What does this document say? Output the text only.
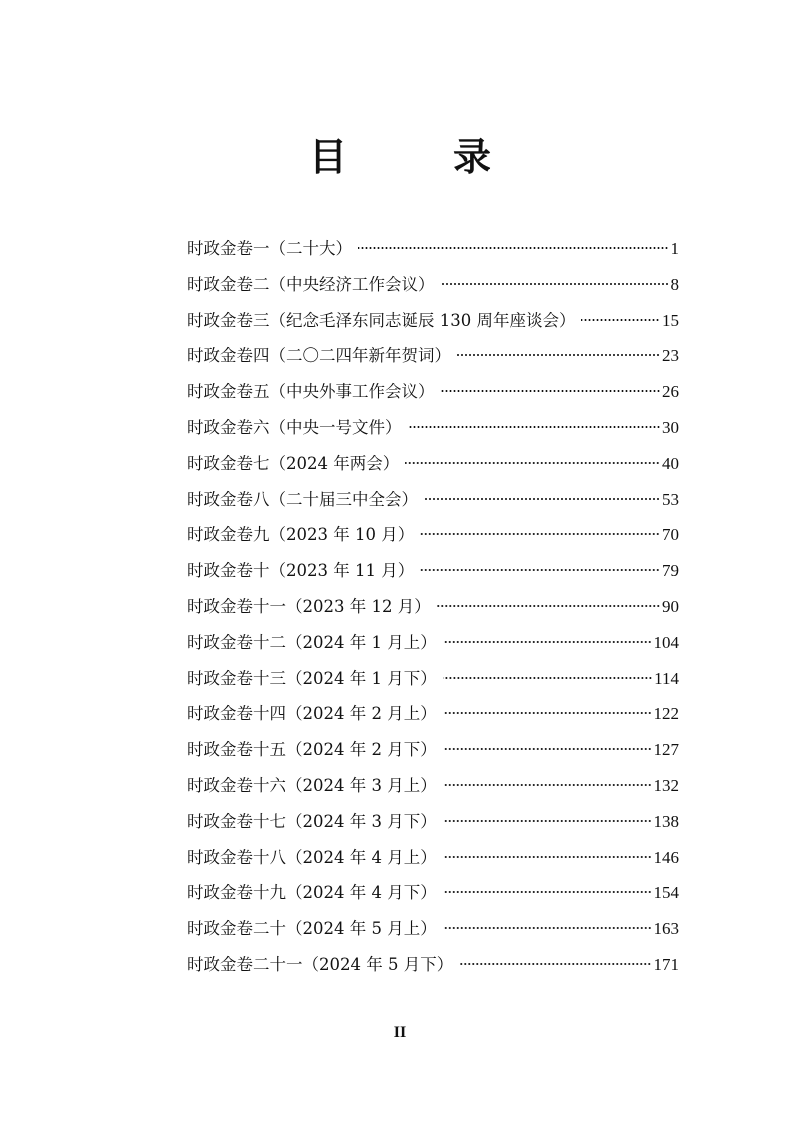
目　录
时政金卷一（二十大）	1
时政金卷二（中央经济工作会议）	8
时政金卷三（纪念毛泽东同志诞辰 130 周年座谈会）	15
时政金卷四（二〇二四年新年贺词）	23
时政金卷五（中央外事工作会议）	26
时政金卷六（中央一号文件）	30
时政金卷七（2024 年两会）	40
时政金卷八（二十届三中全会）	53
时政金卷九（2023 年 10 月）	70
时政金卷十（2023 年 11 月）	79
时政金卷十一（2023 年 12 月）	90
时政金卷十二（2024 年 1 月上）	104
时政金卷十三（2024 年 1 月下）	114
时政金卷十四（2024 年 2 月上）	122
时政金卷十五（2024 年 2 月下）	127
时政金卷十六（2024 年 3 月上）	132
时政金卷十七（2024 年 3 月下）	138
时政金卷十八（2024 年 4 月上）	146
时政金卷十九（2024 年 4 月下）	154
时政金卷二十（2024 年 5 月上）	163
时政金卷二十一（2024 年 5 月下）	171
II
